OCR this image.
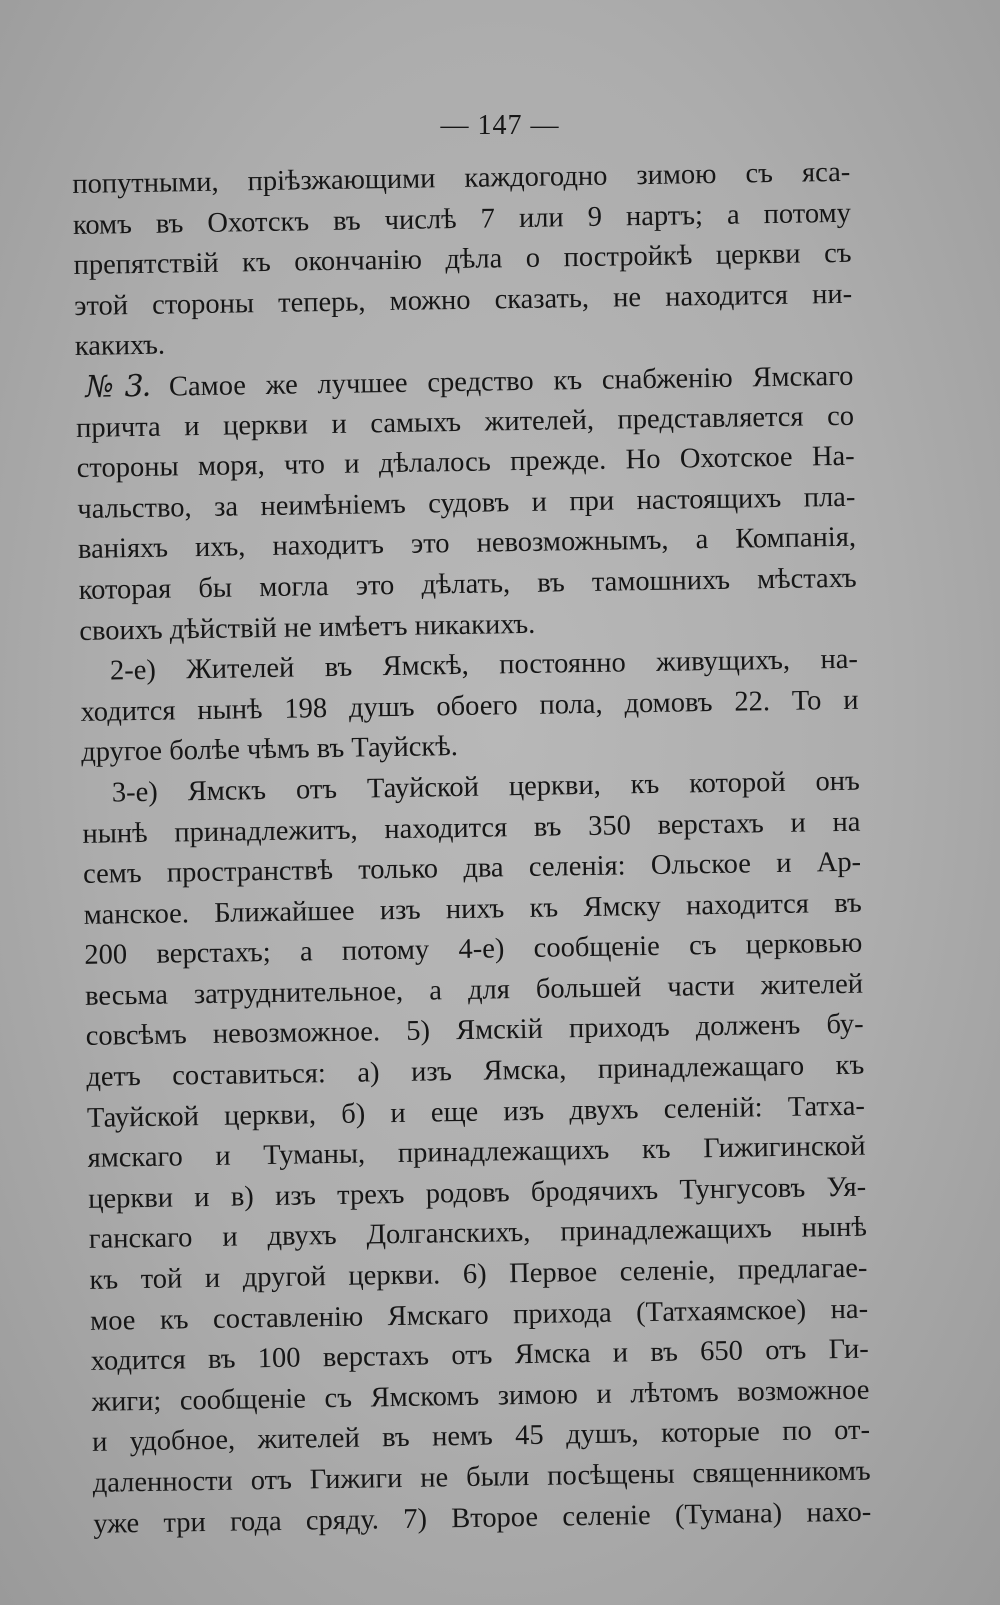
— 147 —
попутными, пріѣзжающими каждогодно зимою съ яса-
комъ въ Охотскъ въ числѣ 7 или 9 нартъ; а потому
препятствій къ окончанію дѣла о постройкѣ церкви съ
этой стороны теперь, можно сказать, не находится ни-
какихъ.
№3. Самое же лучшее средство къ снабженію Ямскаго
причта и церкви и самыхъ жителей, представляется со
стороны моря, что и дѣлалось прежде. Но Охотское На-
чальство, за неимѣніемъ судовъ и при настоящихъ пла-
ваніяхъ ихъ, находитъ это невозможнымъ, а Компанія,
которая бы могла это дѣлать, въ тамошнихъ мѣстахъ
своихъ дѣйствій не имѣетъ никакихъ.
2-е) Жителей въ Ямскѣ, постоянно живущихъ, на-
ходится нынѣ 198 душъ обоего пола, домовъ 22. То и
другое болѣе чѣмъ въ Тауйскѣ.
3-е) Ямскъ отъ Тауйской церкви, къ которой онъ
нынѣ принадлежитъ, находится въ 350 верстахъ и на
семъ пространствѣ только два селенія: Ольское и Ар-
манское. Ближайшее изъ нихъ къ Ямску находится въ
200 верстахъ; а потому 4-е) сообщеніе съ церковью
весьма затруднительное, а для большей части жителей
совсѣмъ невозможное. 5) Ямскій приходъ долженъ бу-
детъ составиться: а) изъ Ямска, принадлежащаго къ
Тауйской церкви, б) и еще изъ двухъ селеній: Татха-
ямскаго и Туманы, принадлежащихъ къ Гижигинской
церкви и в) изъ трехъ родовъ бродячихъ Тунгусовъ Уя-
ганскаго и двухъ Долганскихъ, принадлежащихъ нынѣ
къ той и другой церкви. 6) Первое селеніе, предлагае-
мое къ составленію Ямскаго прихода (Татхаямское) на-
ходится въ 100 верстахъ отъ Ямска и въ 650 отъ Ги-
жиги; сообщеніе съ Ямскомъ зимою и лѣтомъ возможное
и удобное, жителей въ немъ 45 душъ, которые по от-
даленности отъ Гижиги не были посѣщены священникомъ
уже три года сряду. 7) Второе селеніе (Тумана) нахо-
